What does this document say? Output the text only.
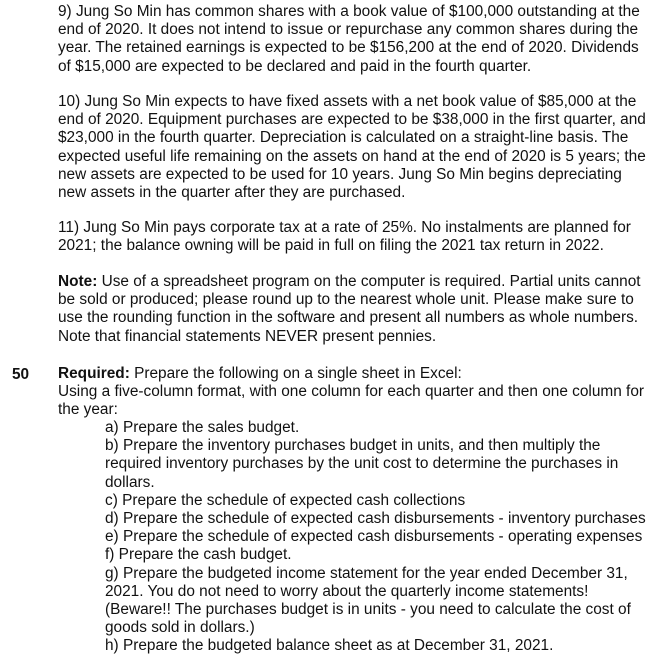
9) Jung So Min has common shares with a book value of $100,000 outstanding at the
end of 2020. It does not intend to issue or repurchase any common shares during the
year. The retained earnings is expected to be $156,200 at the end of 2020. Dividends
of $15,000 are expected to be declared and paid in the fourth quarter.
10) Jung So Min expects to have fixed assets with a net book value of $85,000 at the
end of 2020. Equipment purchases are expected to be $38,000 in the first quarter, and
$23,000 in the fourth quarter. Depreciation is calculated on a straight-line basis. The
expected useful life remaining on the assets on hand at the end of 2020 is 5 years; the
new assets are expected to be used for 10 years. Jung So Min begins depreciating
new assets in the quarter after they are purchased.
11) Jung So Min pays corporate tax at a rate of 25%. No instalments are planned for
2021; the balance owning will be paid in full on filing the 2021 tax return in 2022.
Note: Use of a spreadsheet program on the computer is required. Partial units cannot
be sold or produced; please round up to the nearest whole unit. Please make sure to
use the rounding function in the software and present all numbers as whole numbers.
Note that financial statements NEVER present pennies.
50 Required: Prepare the following on a single sheet in Excel:
Using a five-column format, with one column for each quarter and then one column for
the year:
a) Prepare the sales budget.
b) Prepare the inventory purchases budget in units, and then multiply the
required inventory purchases by the unit cost to determine the purchases in
dollars.
c) Prepare the schedule of expected cash collections
d) Prepare the schedule of expected cash disbursements - inventory purchases
e) Prepare the schedule of expected cash disbursements - operating expenses
f) Prepare the cash budget.
g) Prepare the budgeted income statement for the year ended December 31,
2021. You do not need to worry about the quarterly income statements!
(Beware!! The purchases budget is in units - you need to calculate the cost of
goods sold in dollars.)
h) Prepare the budgeted balance sheet as at December 31, 2021.
